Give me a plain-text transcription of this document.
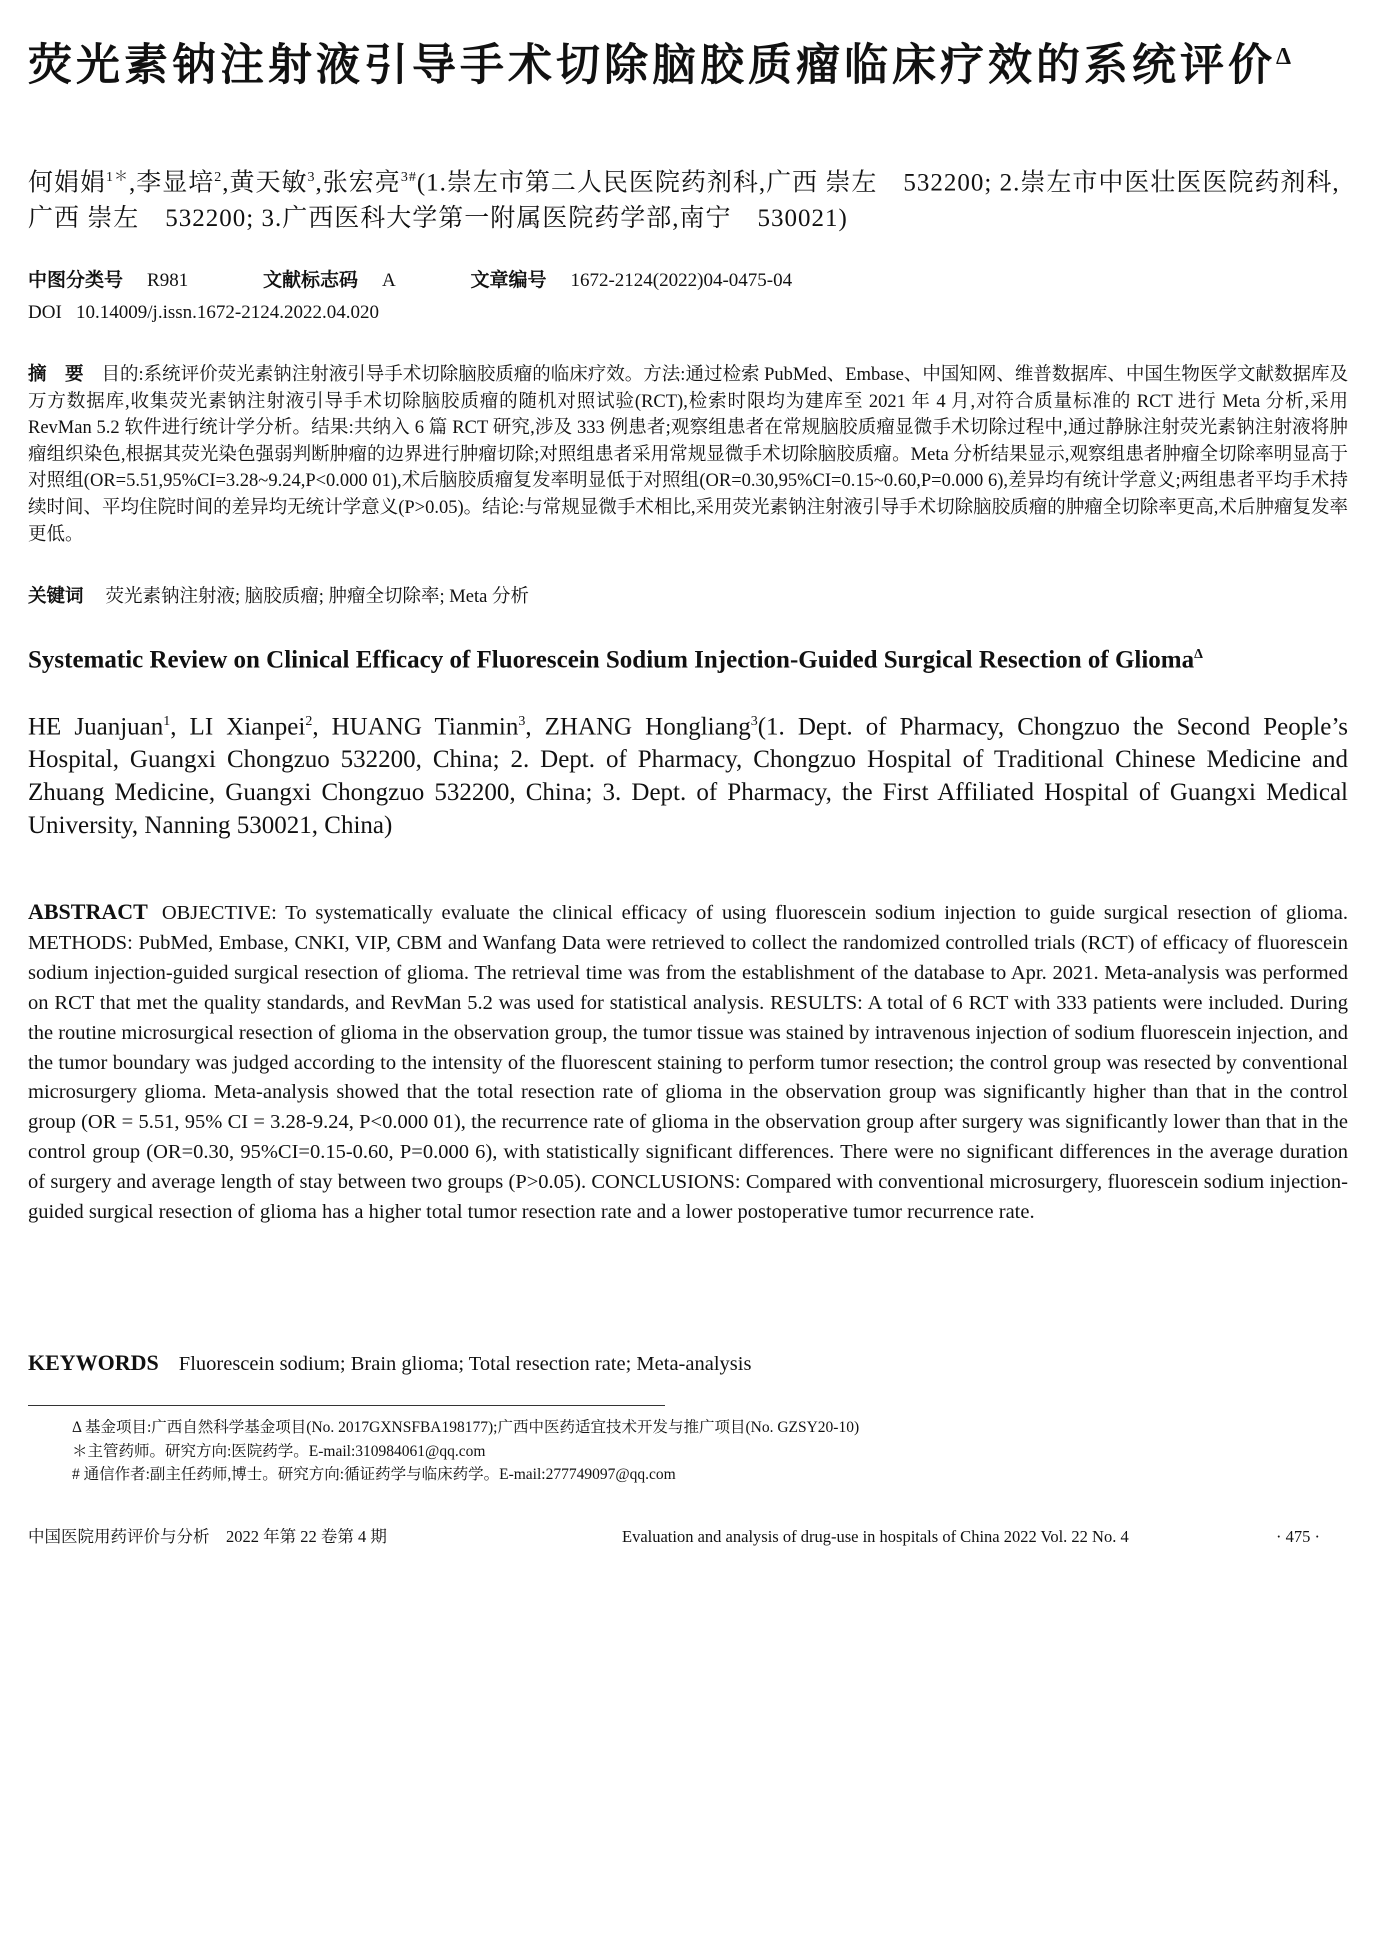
荧光素钠注射液引导手术切除脑胶质瘤临床疗效的系统评价$^\Delta$
何娟娟$^{1*}$,李显培$^2$,黄天敏$^3$,张宏亮$^{3\#}$(1.崇左市第二人民医院药剂科,广西 崇左　532200; 2.崇左市中医壮医医院药剂科,广西 崇左　532200; 3.广西医科大学第一附属医院药学部,南宁　530021)
中图分类号 R981	文献标志码 A	文章编号 1672-2124(2022)04-0475-04
DOI 10.14009/j.issn.1672-2124.2022.04.020
摘　要 目的:系统评价荧光素钠注射液引导手术切除脑胶质瘤的临床疗效。方法:通过检索 PubMed、Embase、中国知网、维普数据库、中国生物医学文献数据库及万方数据库,收集荧光素钠注射液引导手术切除脑胶质瘤的随机对照试验(RCT),检索时限均为建库至 2021 年 4 月,对符合质量标准的 RCT 进行 Meta 分析,采用 RevMan 5.2 软件进行统计学分析。结果:共纳入 6 篇 RCT 研究,涉及 333 例患者;观察组患者在常规脑胶质瘤显微手术切除过程中,通过静脉注射荧光素钠注射液将肿瘤组织染色,根据其荧光染色强弱判断肿瘤的边界进行肿瘤切除;对照组患者采用常规显微手术切除脑胶质瘤。Meta 分析结果显示,观察组患者肿瘤全切除率明显高于对照组(OR=5.51,95%CI=3.28~9.24,P<0.000 01),术后脑胶质瘤复发率明显低于对照组(OR=0.30,95%CI=0.15~0.60,P=0.000 6),差异均有统计学意义;两组患者平均手术持续时间、平均住院时间的差异均无统计学意义(P>0.05)。结论:与常规显微手术相比,采用荧光素钠注射液引导手术切除脑胶质瘤的肿瘤全切除率更高,术后肿瘤复发率更低。
关键词 荧光素钠注射液; 脑胶质瘤; 肿瘤全切除率; Meta 分析
Systematic Review on Clinical Efficacy of Fluorescein Sodium Injection-Guided Surgical Resection of Glioma$^\Delta$
HE Juanjuan$^1$, LI Xianpei$^2$, HUANG Tianmin$^3$, ZHANG Hongliang$^3$(1. Dept. of Pharmacy, Chongzuo the Second People’s Hospital, Guangxi Chongzuo 532200, China; 2. Dept. of Pharmacy, Chongzuo Hospital of Traditional Chinese Medicine and Zhuang Medicine, Guangxi Chongzuo 532200, China; 3. Dept. of Pharmacy, the First Affiliated Hospital of Guangxi Medical University, Nanning 530021, China)
ABSTRACT OBJECTIVE: To systematically evaluate the clinical efficacy of using fluorescein sodium injection to guide surgical resection of glioma. METHODS: PubMed, Embase, CNKI, VIP, CBM and Wanfang Data were retrieved to collect the randomized controlled trials (RCT) of efficacy of fluorescein sodium injection-guided surgical resection of glioma. The retrieval time was from the establishment of the database to Apr. 2021. Meta-analysis was performed on RCT that met the quality standards, and RevMan 5.2 was used for statistical analysis. RESULTS: A total of 6 RCT with 333 patients were included. During the routine microsurgical resection of glioma in the observation group, the tumor tissue was stained by intravenous injection of sodium fluorescein injection, and the tumor boundary was judged according to the intensity of the fluorescent staining to perform tumor resection; the control group was resected by conventional microsurgery glioma. Meta-analysis showed that the total resection rate of glioma in the observation group was significantly higher than that in the control group (OR = 5.51, 95% CI = 3.28-9.24, P<0.000 01), the recurrence rate of glioma in the observation group after surgery was significantly lower than that in the control group (OR=0.30, 95%CI=0.15-0.60, P=0.000 6), with statistically significant differences. There were no significant differences in the average duration of surgery and average length of stay between two groups (P>0.05). CONCLUSIONS: Compared with conventional microsurgery, fluorescein sodium injection-guided surgical resection of glioma has a higher total tumor resection rate and a lower postoperative tumor recurrence rate.
KEYWORDS Fluorescein sodium; Brain glioma; Total resection rate; Meta-analysis
Δ 基金项目:广西自然科学基金项目(No. 2017GXNSFBA198177);广西中医药适宜技术开发与推广项目(No. GZSY20-10)
＊主管药师。研究方向:医院药学。E-mail:310984061@qq.com
# 通信作者:副主任药师,博士。研究方向:循证药学与临床药学。E-mail:277749097@qq.com
中国医院用药评价与分析　2022 年第 22 卷第 4 期	Evaluation and analysis of drug-use in hospitals of China 2022 Vol. 22 No. 4	· 475 ·
